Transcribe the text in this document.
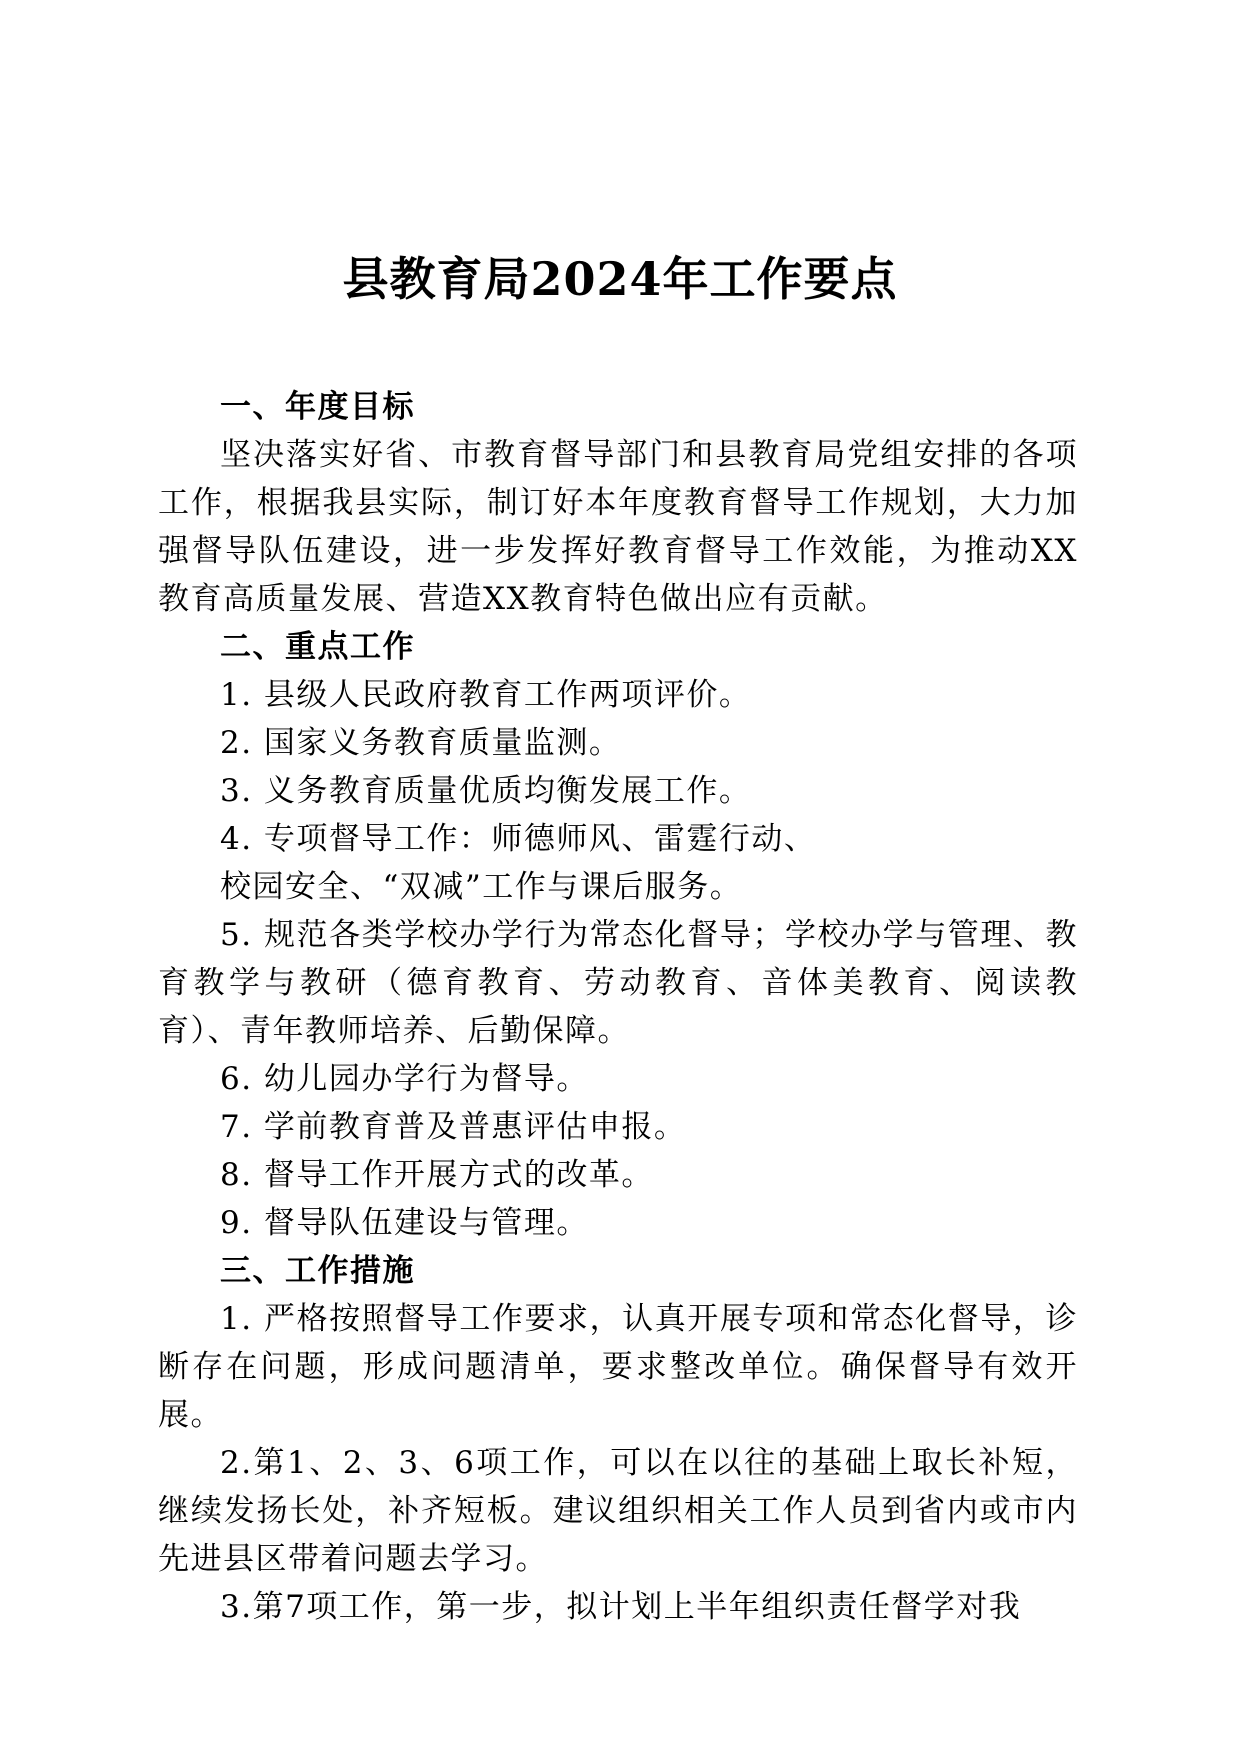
县教育局2024年工作要点
一、年度目标

坚决落实好省、市教育督导部门和县教育局党组安排的各项工作，根据我县实际，制订好本年度教育督导工作规划，大力加强督导队伍建设，进一步发挥好教育督导工作效能，为推动XX教育高质量发展、营造XX教育特色做出应有贡献。

二、重点工作

1. 县级人民政府教育工作两项评价。

2. 国家义务教育质量监测。

3. 义务教育质量优质均衡发展工作。

4. 专项督导工作：师德师风、雷霆行动、

校园安全、“双减”工作与课后服务。

5. 规范各类学校办学行为常态化督导；学校办学与管理、教育教学与教研（德育教育、劳动教育、音体美教育、阅读教育）、青年教师培养、后勤保障。

6. 幼儿园办学行为督导。

7. 学前教育普及普惠评估申报。

8. 督导工作开展方式的改革。

9. 督导队伍建设与管理。

三、工作措施

1. 严格按照督导工作要求，认真开展专项和常态化督导，诊断存在问题，形成问题清单，要求整改单位。确保督导有效开展。

2.第1、2、3、6项工作，可以在以往的基础上取长补短，继续发扬长处，补齐短板。建议组织相关工作人员到省内或市内先进县区带着问题去学习。

3.第7项工作，第一步，拟计划上半年组织责任督学对我
